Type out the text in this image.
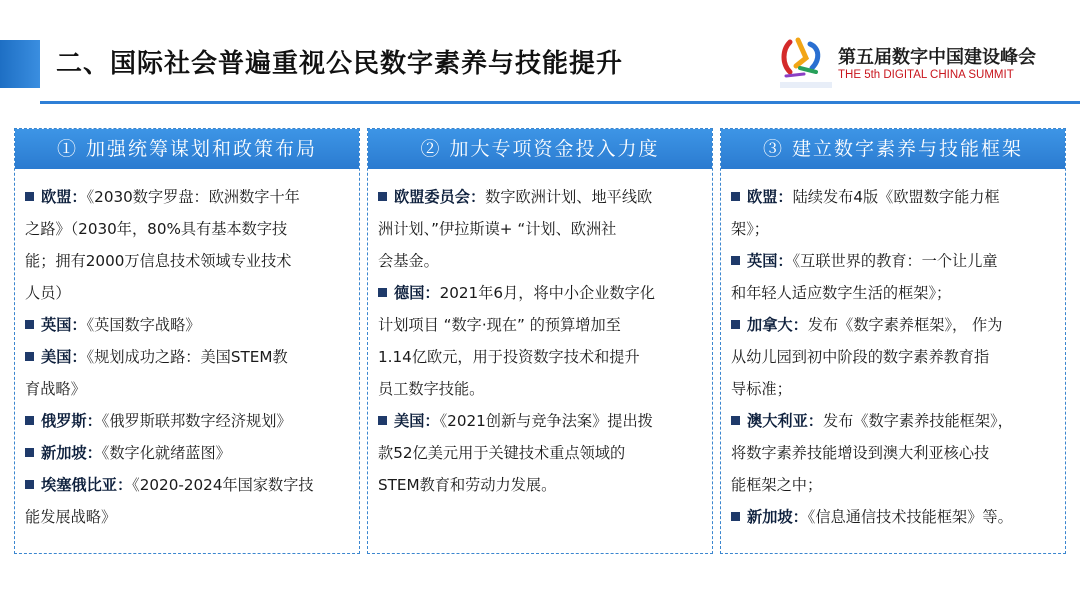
二、国际社会普遍重视公民数字素养与技能提升	第五届数字中国建设峰会
THE 5th DIGITAL CHINA SUMMIT
① 加强统筹谋划和政策布局

欧盟：《2030数字罗盘：欧洲数字十年

之路》（2030年，80%具有基本数字技

能；拥有2000万信息技术领域专业技术

人员）

英国：《英国数字战略》

美国：《规划成功之路：美国STEM教

育战略》

俄罗斯：《俄罗斯联邦数字经济规划》

新加坡：《数字化就绪蓝图》

埃塞俄比亚：《2020-2024年国家数字技

能发展战略》

② 加大专项资金投入力度

欧盟委员会：数字欧洲计划、地平线欧

洲计划、”伊拉斯谟+ “计划、欧洲社

会基金。

德国：2021年6月，将中小企业数字化

计划项目 “数字·现在” 的预算增加至

1.14亿欧元，用于投资数字技术和提升

员工数字技能。

美国：《2021创新与竞争法案》提出拨

款52亿美元用于关键技术重点领域的

STEM教育和劳动力发展。

③ 建立数字素养与技能框架

欧盟：陆续发布4版《欧盟数字能力框

架》；

英国：《互联世界的教育：一个让儿童

和年轻人适应数字生活的框架》；

加拿大：发布《数字素养框架》， 作为

从幼儿园到初中阶段的数字素养教育指

导标准；

澳大利亚：发布《数字素养技能框架》，

将数字素养技能增设到澳大利亚核心技

能框架之中；

新加坡：《信息通信技术技能框架》等。
